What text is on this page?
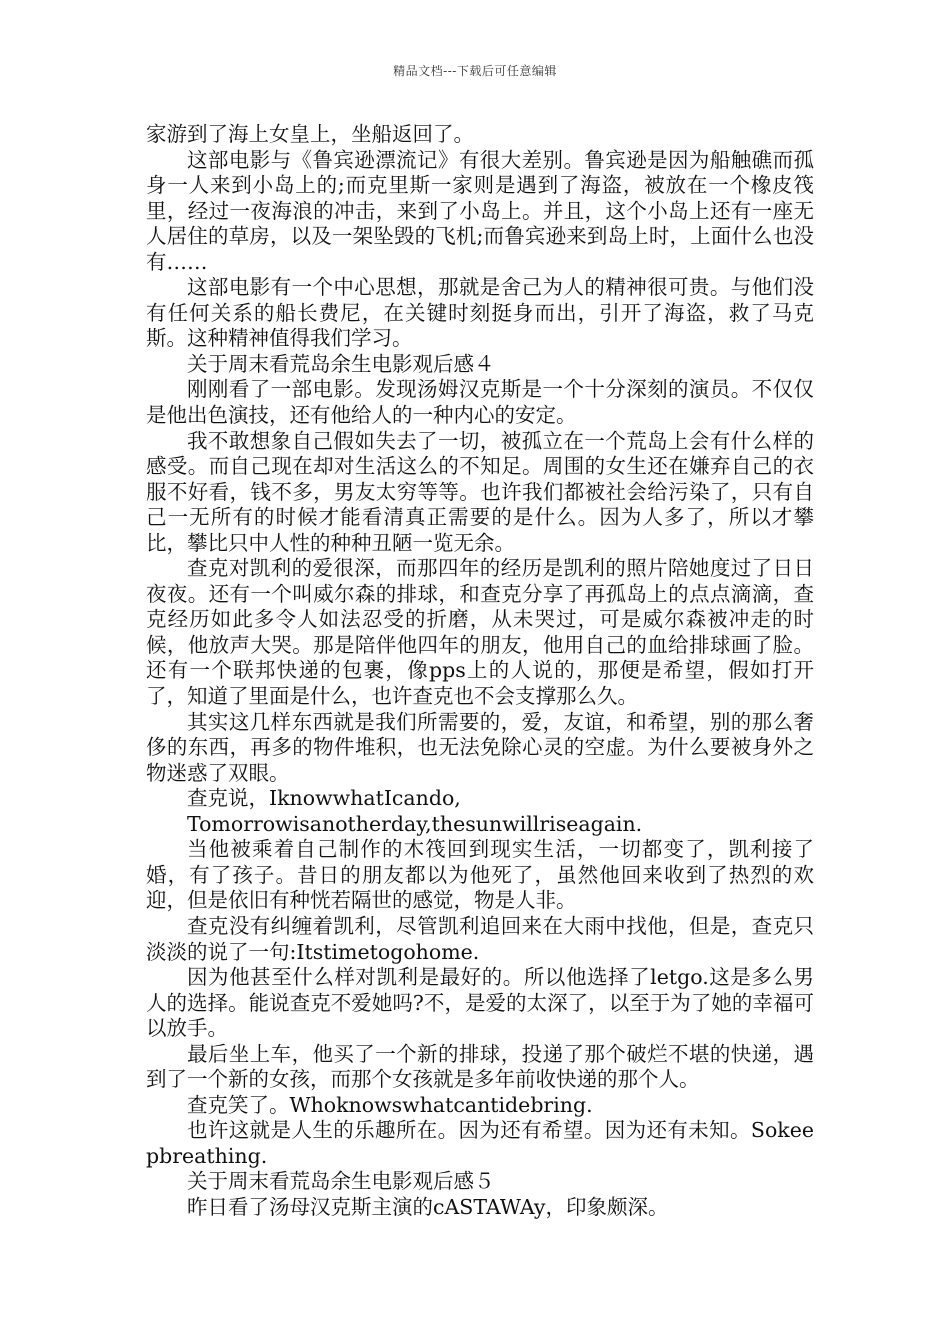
精品文档---下载后可任意编辑

家游到了海上女皇上，坐船返回了。

这部电影与《鲁宾逊漂流记》有很大差别。鲁宾逊是因为船触礁而孤身一人来到小岛上的;而克里斯一家则是遇到了海盗，被放在一个橡皮筏里，经过一夜海浪的冲击，来到了小岛上。并且，这个小岛上还有一座无人居住的草房，以及一架坠毁的飞机;而鲁宾逊来到岛上时，上面什么也没有……

这部电影有一个中心思想，那就是舍己为人的精神很可贵。与他们没有任何关系的船长费尼，在关键时刻挺身而出，引开了海盗，救了马克斯。这种精神值得我们学习。

关于周末看荒岛余生电影观后感４

刚刚看了一部电影。发现汤姆汉克斯是一个十分深刻的演员。不仅仅是他出色演技，还有他给人的一种内心的安定。

我不敢想象自己假如失去了一切，被孤立在一个荒岛上会有什么样的感受。而自己现在却对生活这么的不知足。周围的女生还在嫌弃自己的衣服不好看，钱不多，男友太穷等等。也许我们都被社会给污染了，只有自己一无所有的时候才能看清真正需要的是什么。因为人多了，所以才攀比，攀比只中人性的种种丑陋一览无余。

查克对凯利的爱很深，而那四年的经历是凯利的照片陪她度过了日日夜夜。还有一个叫威尔森的排球，和查克分享了再孤岛上的点点滴滴，查克经历如此多令人如法忍受的折磨，从未哭过，可是威尔森被冲走的时候，他放声大哭。那是陪伴他四年的朋友，他用自己的血给排球画了脸。还有一个联邦快递的包裹，像pps上的人说的，那便是希望，假如打开了，知道了里面是什么，也许查克也不会支撑那么久。

其实这几样东西就是我们所需要的，爱，友谊，和希望，别的那么奢侈的东西，再多的物件堆积，也无法免除心灵的空虚。为什么要被身外之物迷惑了双眼。

查克说，IknowwhatIcando,

Tomorrowisanotherday,thesunwillriseagain.

当他被乘着自己制作的木筏回到现实生活，一切都变了，凯利接了婚，有了孩子。昔日的朋友都以为他死了，虽然他回来收到了热烈的欢迎，但是依旧有种恍若隔世的感觉，物是人非。

查克没有纠缠着凯利，尽管凯利追回来在大雨中找他，但是，查克只淡淡的说了一句:Itstimetogohome.

因为他甚至什么样对凯利是最好的。所以他选择了letgo.这是多么男人的选择。能说查克不爱她吗?不，是爱的太深了，以至于为了她的幸福可以放手。

最后坐上车，他买了一个新的排球，投递了那个破烂不堪的快递，遇到了一个新的女孩，而那个女孩就是多年前收快递的那个人。

查克笑了。Whoknowswhatcantidebring.

也许这就是人生的乐趣所在。因为还有希望。因为还有未知。Sokeepbreathing.

关于周末看荒岛余生电影观后感５

昨日看了汤母汉克斯主演的cASTAWAy，印象颇深。
